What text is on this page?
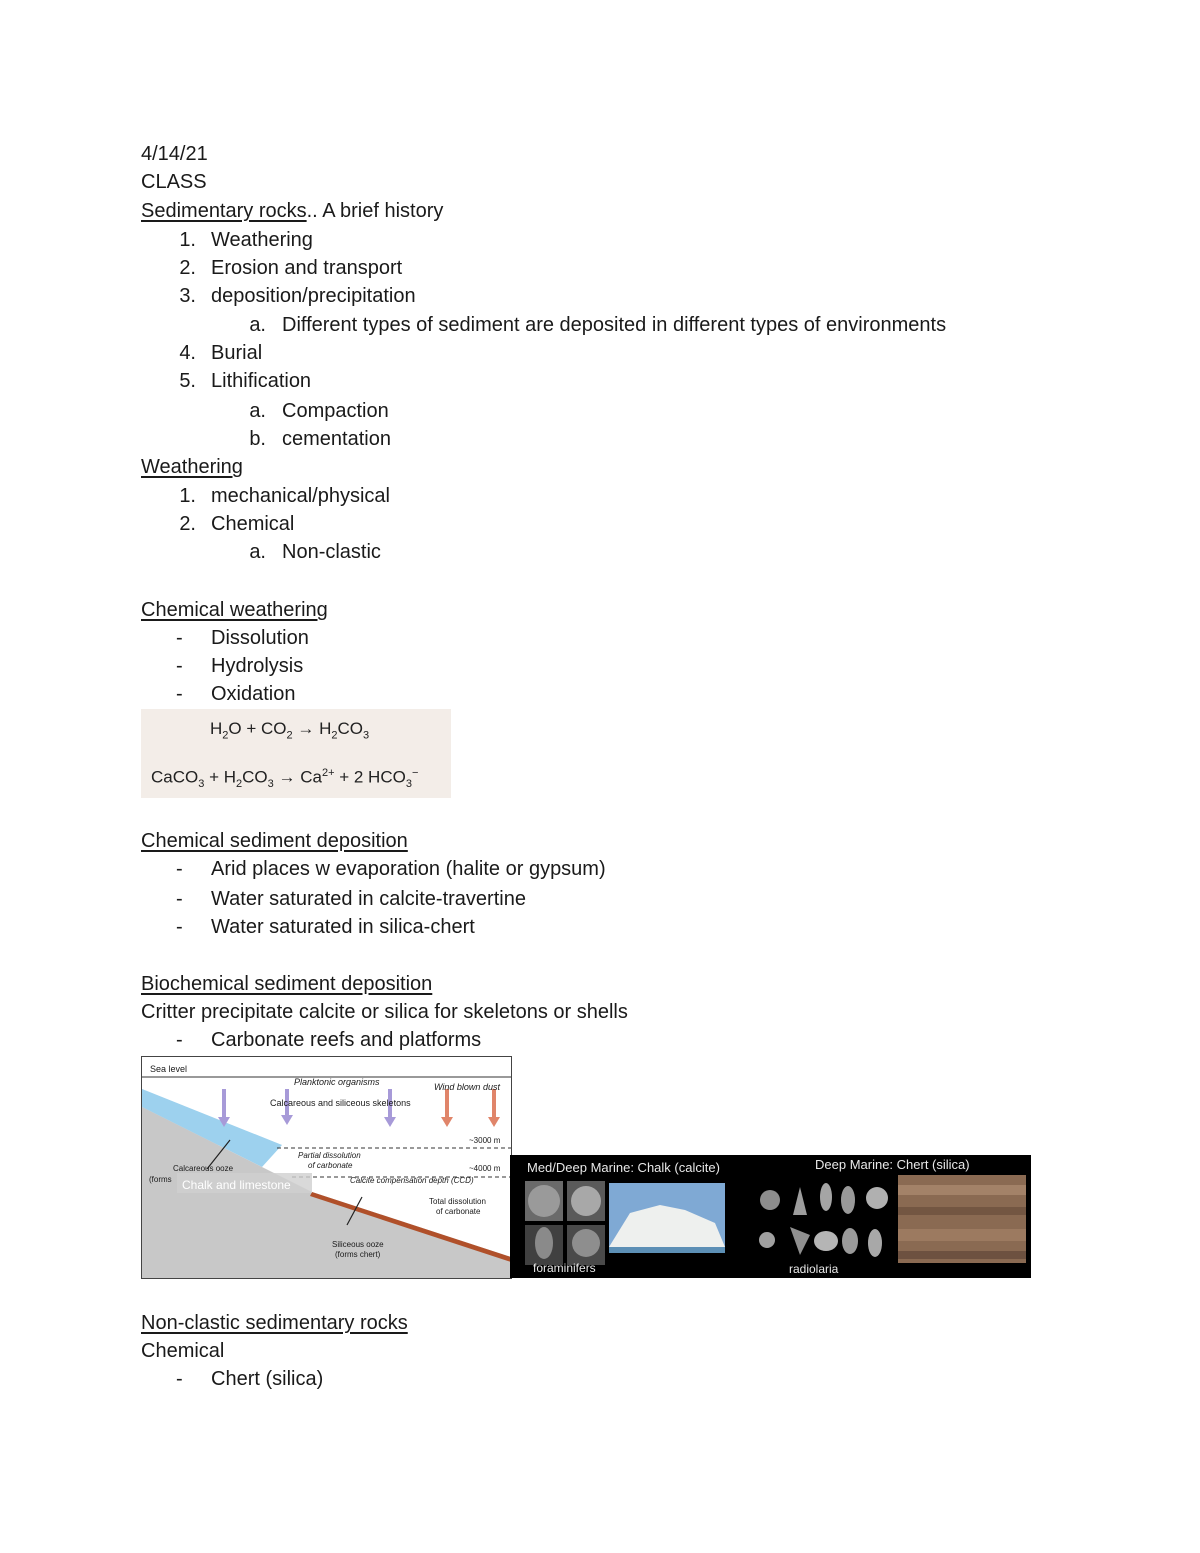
4/14/21
CLASS
Sedimentary rocks.. A brief history
1. Weathering
2. Erosion and transport
3. deposition/precipitation
a. Different types of sediment are deposited in different types of environments
4. Burial
5. Lithification
a. Compaction
b. cementation
Weathering
1. mechanical/physical
2. Chemical
a. Non-clastic
Chemical weathering
- Dissolution
- Hydrolysis
- Oxidation
$H_2O + CO_2 \to H_2CO_3$
CaCO$_3$ + $H_2CO_3 \to Ca^{2+} + 2$ $HCO_3^-$
Chemical sediment deposition
- Arid places w evaporation (halite or gypsum)
- Water saturated in calcite-travertine
- Water saturated in silica-chert
Biochemical sediment deposition
Critter precipitate calcite or silica for skeletons or shells
- Carbonate reefs and platforms
Sea level
Planktonic organisms	Wind blown dust
Calcareous and siliceous skeletons
~3000 m
Partial dissolution
of carbonate	~4000 m
Calcite compensation depth (CCD)
Calcareous ooze
(forms Chalk and limestone
Total dissolution
of carbonate
Siliceous ooze
(forms chert)
Med/Deep Marine: Chalk (calcite)	Deep Marine: Chert (silica)
foraminifers	radiolaria
Non-clastic sedimentary rocks
Chemical
- Chert (silica)
